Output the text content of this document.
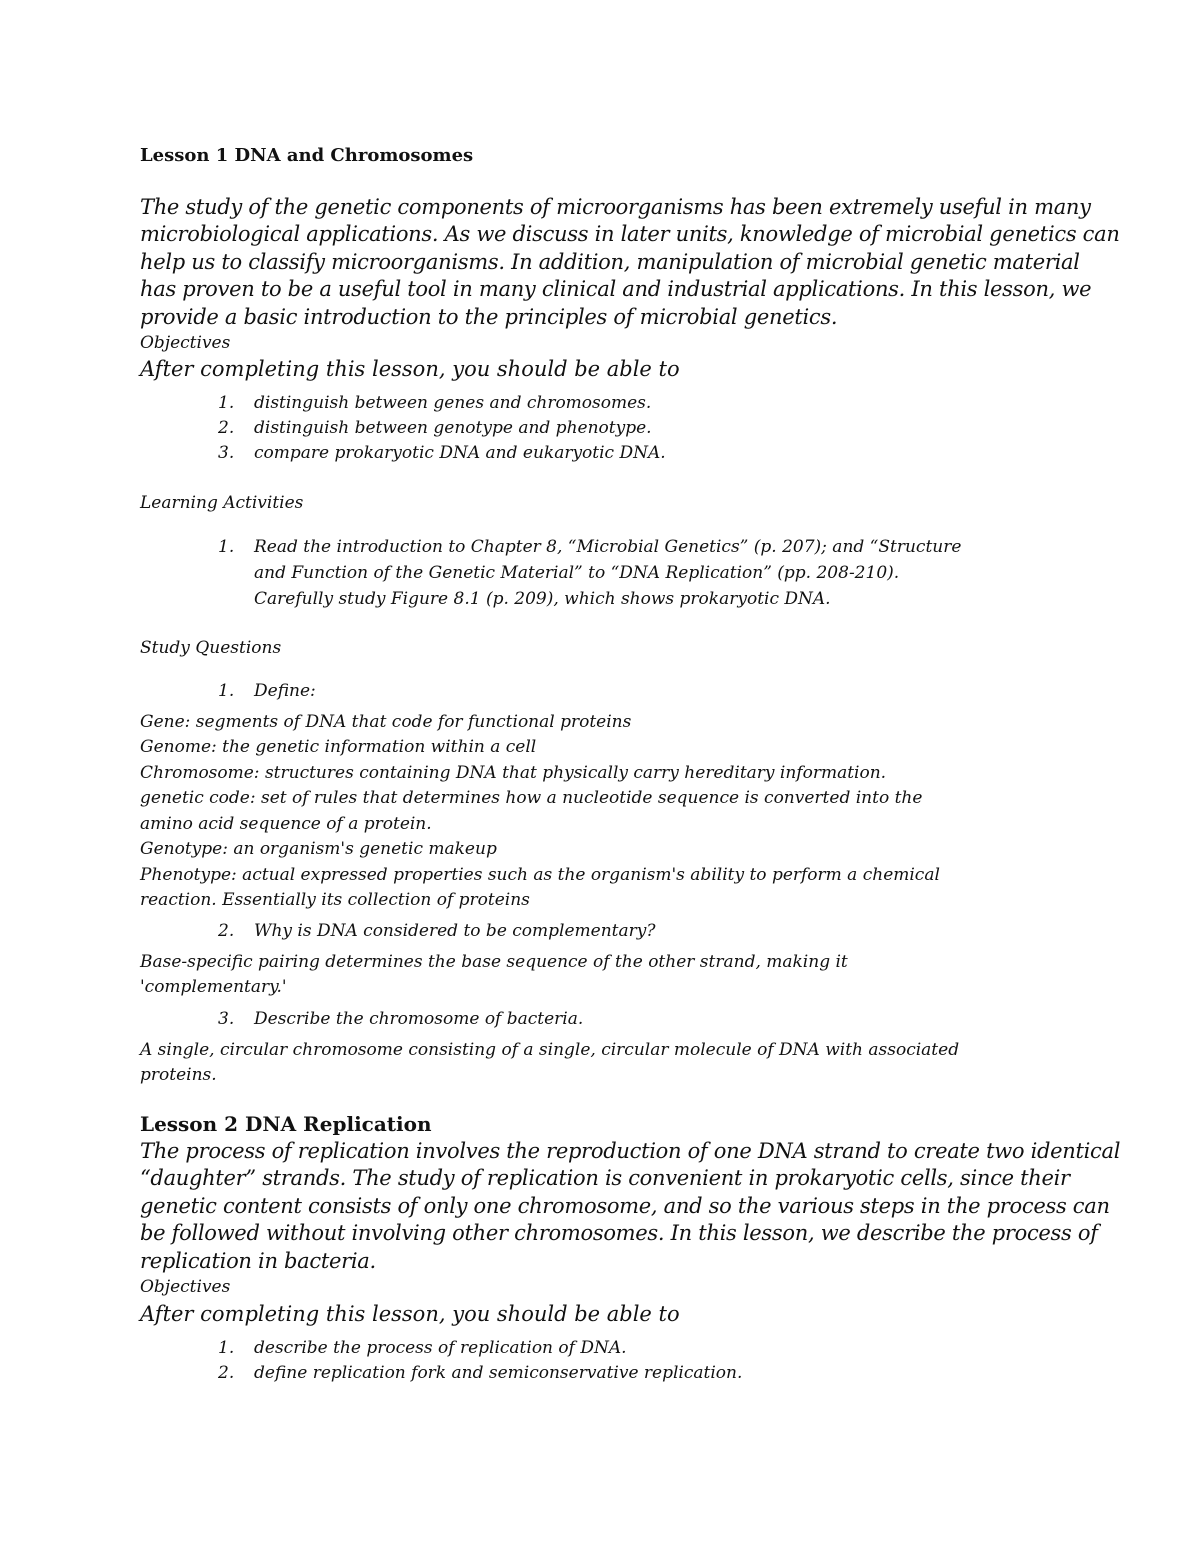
Lesson 1 DNA and Chromosomes
The study of the genetic components of microorganisms has been extremely useful in many
microbiological applications. As we discuss in later units, knowledge of microbial genetics can
help us to classify microorganisms. In addition, manipulation of microbial genetic material
has proven to be a useful tool in many clinical and industrial applications. In this lesson, we
provide a basic introduction to the principles of microbial genetics.
Objectives
After completing this lesson, you should be able to
1. distinguish between genes and chromosomes.
2. distinguish between genotype and phenotype.
3. compare prokaryotic DNA and eukaryotic DNA.
Learning Activities
1. Read the introduction to Chapter 8, “Microbial Genetics” (p. 207); and “Structure
and Function of the Genetic Material” to “DNA Replication” (pp. 208-210).
Carefully study Figure 8.1 (p. 209), which shows prokaryotic DNA.
Study Questions
1. Define:
Gene: segments of DNA that code for functional proteins
Genome: the genetic information within a cell
Chromosome: structures containing DNA that physically carry hereditary information.
genetic code: set of rules that determines how a nucleotide sequence is converted into the
amino acid sequence of a protein.
Genotype: an organism's genetic makeup
Phenotype: actual expressed properties such as the organism's ability to perform a chemical
reaction. Essentially its collection of proteins
2. Why is DNA considered to be complementary?
Base-specific pairing determines the base sequence of the other strand, making it
'complementary.'
3. Describe the chromosome of bacteria.
A single, circular chromosome consisting of a single, circular molecule of DNA with associated
proteins.
Lesson 2 DNA Replication
The process of replication involves the reproduction of one DNA strand to create two identical
“daughter” strands. The study of replication is convenient in prokaryotic cells, since their
genetic content consists of only one chromosome, and so the various steps in the process can
be followed without involving other chromosomes. In this lesson, we describe the process of
replication in bacteria.
Objectives
After completing this lesson, you should be able to
1. describe the process of replication of DNA.
2. define replication fork and semiconservative replication.
